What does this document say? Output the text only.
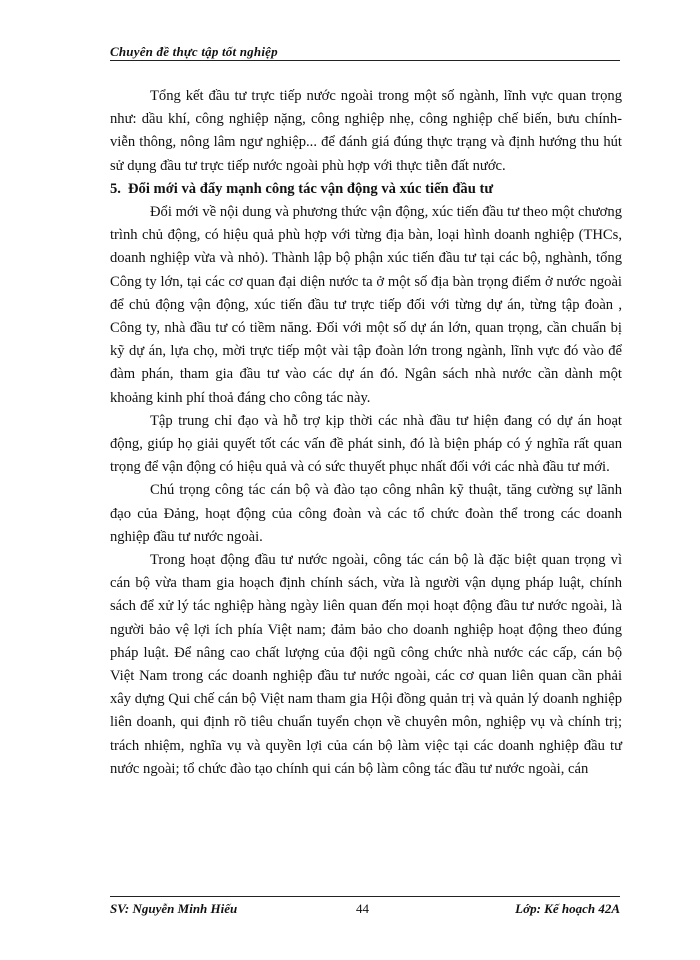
Chuyên đề thực tập tốt nghiệp

Tổng kết đầu tư trực tiếp nước ngoài trong một số ngành, lĩnh vực quan trọng như: dầu khí, công nghiệp nặng, công nghiệp nhẹ, công nghiệp chế biến, bưu chính- viễn thông, nông lâm ngư nghiệp... để đánh giá đúng thực trạng và định hướng thu hút sử dụng đầu tư trực tiếp nước ngoài phù hợp với thực tiễn đất nước.

5. Đổi mới và đẩy mạnh công tác vận động và xúc tiến đầu tư

Đổi mới về nội dung và phương thức vận động, xúc tiến đầu tư theo một chương trình chủ động, có hiệu quả phù hợp với từng địa bàn, loại hình doanh nghiệp (THCs, doanh nghiệp vừa và nhỏ). Thành lập bộ phận xúc tiến đầu tư tại các bộ, nghành, tổng Công ty lớn, tại các cơ quan đại diện nước ta ở một số địa bàn trọng điểm ở nước ngoài để chủ động vận động, xúc tiến đầu tư trực tiếp đối với từng dự án, từng tập đoàn , Công ty, nhà đầu tư có tiềm năng. Đối với một số dự án lớn, quan trọng, cần chuẩn bị kỹ dự án, lựa chọ, mời trực tiếp một vài tập đoàn lớn trong ngành, lĩnh vực đó vào để đàm phán, tham gia đầu tư vào các dự án đó. Ngân sách nhà nước cần dành một khoảng kinh phí thoả đáng cho công tác này.

Tập trung chỉ đạo và hỗ trợ kịp thời các nhà đầu tư hiện đang có dự án hoạt động, giúp họ giải quyết tốt các vấn đề phát sinh, đó là biện pháp có ý nghĩa rất quan trọng để vận động có hiệu quả và có sức thuyết phục nhất đối với các nhà đầu tư mới.

Chú trọng công tác cán bộ và đào tạo công nhân kỹ thuật, tăng cường sự lãnh đạo của Đảng, hoạt động của công đoàn và các tổ chức đoàn thể trong các doanh nghiệp đầu tư nước ngoài.

Trong hoạt động đầu tư nước ngoài, công tác cán bộ là đặc biệt quan trọng vì cán bộ vừa tham gia hoạch định chính sách, vừa là người vận dụng pháp luật, chính sách để xử lý tác nghiệp hàng ngày liên quan đến mọi hoạt động đầu tư nước ngoài, là người bảo vệ lợi ích phía Việt nam; đảm bảo cho doanh nghiệp hoạt động theo đúng pháp luật. Để nâng cao chất lượng của đội ngũ công chức nhà nước các cấp, cán bộ Việt Nam trong các doanh nghiệp đầu tư nước ngoài, các cơ quan liên quan cần phải xây dựng Qui chế cán bộ Việt nam tham gia Hội đồng quản trị và quản lý doanh nghiệp liên doanh, qui định rõ tiêu chuẩn tuyển chọn về chuyên môn, nghiệp vụ và chính trị; trách nhiệm, nghĩa vụ và quyền lợi của cán bộ làm việc tại các doanh nghiệp đầu tư nước ngoài; tổ chức đào tạo chính qui cán bộ làm công tác đầu tư nước ngoài, cán

SV: Nguyễn Minh Hiếu	44	Lớp: Kế hoạch 42A
